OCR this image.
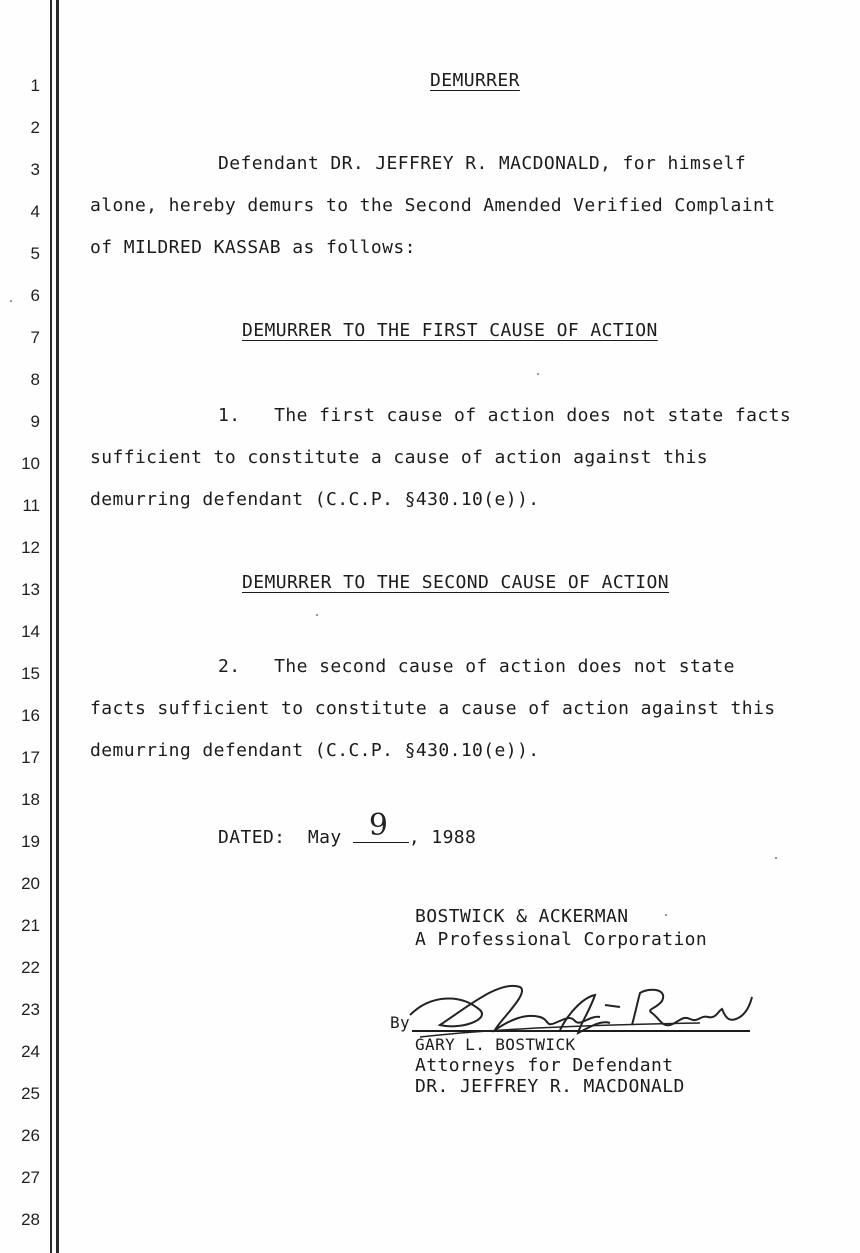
1
2
3
4
5
6
7
8
9
10
11
12
13
14
15
16
17
18
19
20
21
22
23
24
25
26
27
28
DEMURRER
Defendant DR. JEFFREY R. MACDONALD, for himself
alone, hereby demurs to the Second Amended Verified Complaint
of MILDRED KASSAB as follows:
DEMURRER TO THE FIRST CAUSE OF ACTION
1.   The first cause of action does not state facts
sufficient to constitute a cause of action against this
demurring defendant (C.C.P. §430.10(e)).
DEMURRER TO THE SECOND CAUSE OF ACTION
2.   The second cause of action does not state
facts sufficient to constitute a cause of action against this
demurring defendant (C.C.P. §430.10(e)).
DATED:  May 9 , 1988
BOSTWICK & ACKERMAN
A Professional Corporation
By
GARY L. BOSTWICK
Attorneys for Defendant
DR. JEFFREY R. MACDONALD
